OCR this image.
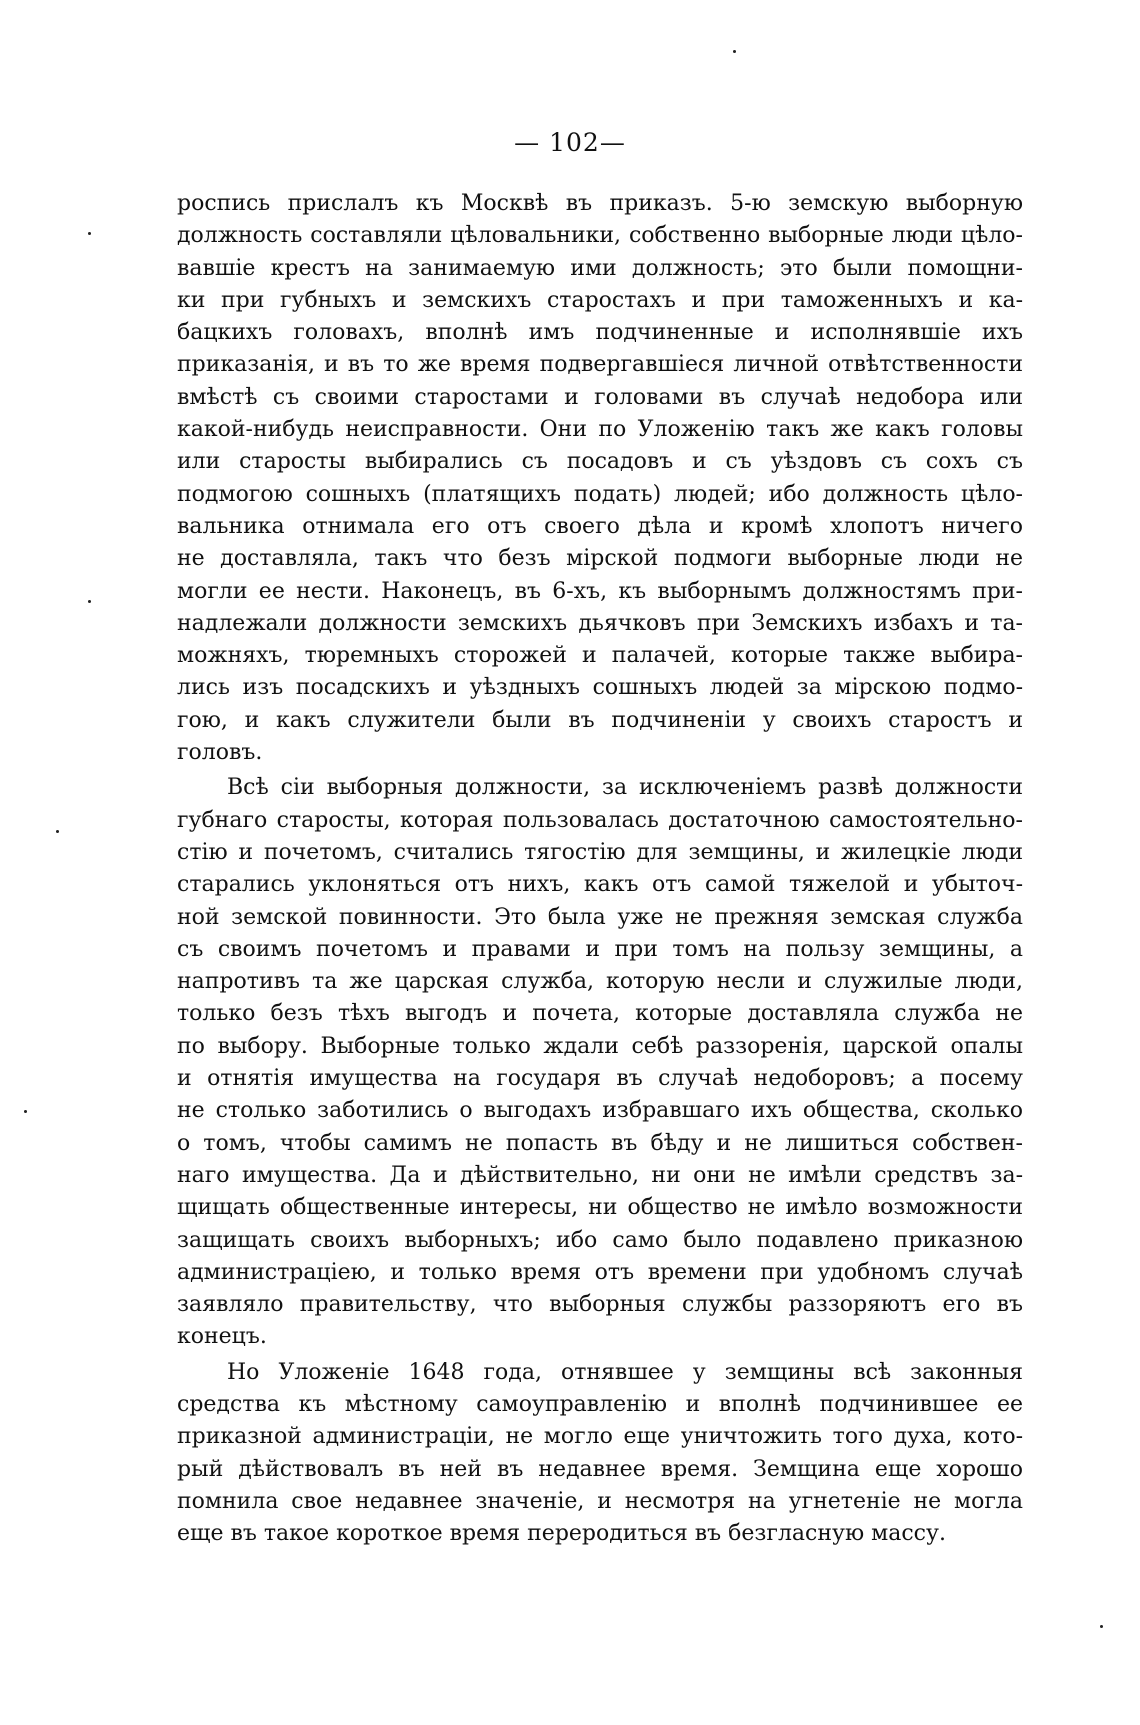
— 102—
роспись прислалъ къ Москвѣ въ приказъ. 5-ю земскую выборную
должность составляли цѣловальники, собственно выборные люди цѣло-
вавшіе крестъ на занимаемую ими должность; это были помощни-
ки при губныхъ и земскихъ старостахъ и при таможенныхъ и ка-
бацкихъ головахъ, вполнѣ имъ подчиненные и исполнявшіе ихъ
приказанія, и въ то же время подвергавшіеся личной отвѣтственности
вмѣстѣ съ своими старостами и головами въ случаѣ недобора или
какой-нибудь неисправности. Они по Уложенію такъ же какъ головы
или старосты выбирались съ посадовъ и съ уѣздовъ съ сохъ съ
подмогою сошныхъ (платящихъ подать) людей; ибо должность цѣло-
вальника отнимала его отъ своего дѣла и кромѣ хлопотъ ничего
не доставляла, такъ что безъ мірской подмоги выборные люди не
могли ее нести. Наконецъ, въ 6-хъ, къ выборнымъ должностямъ при-
надлежали должности земскихъ дьячковъ при Земскихъ избахъ и та-
можняхъ, тюремныхъ сторожей и палачей, которые также выбира-
лись изъ посадскихъ и уѣздныхъ сошныхъ людей за мірскою подмо-
гою, и какъ служители были въ подчиненіи у своихъ старостъ и
головъ.
Всѣ сіи выборныя должности, за исключеніемъ развѣ должности
губнаго старосты, которая пользовалась достаточною самостоятельно-
стію и почетомъ, считались тягостію для земщины, и жилецкіе люди
старались уклоняться отъ нихъ, какъ отъ самой тяжелой и убыточ-
ной земской повинности. Это была уже не прежняя земская служба
съ своимъ почетомъ и правами и при томъ на пользу земщины, а
напротивъ та же царская служба, которую несли и служилые люди,
только безъ тѣхъ выгодъ и почета, которые доставляла служба не
по выбору. Выборные только ждали себѣ раззоренія, царской опалы
и отнятія имущества на государя въ случаѣ недоборовъ; а посему
не столько заботились о выгодахъ избравшаго ихъ общества, сколько
о томъ, чтобы самимъ не попасть въ бѣду и не лишиться собствен-
наго имущества. Да и дѣйствительно, ни они не имѣли средствъ за-
щищать общественные интересы, ни общество не имѣло возможности
защищать своихъ выборныхъ; ибо само было подавлено приказною
администраціею, и только время отъ времени при удобномъ случаѣ
заявляло правительству, что выборныя службы раззоряютъ его въ
конецъ.
Но Уложеніе 1648 года, отнявшее у земщины всѣ законныя
средства къ мѣстному самоуправленію и вполнѣ подчинившее ее
приказной администраціи, не могло еще уничтожить того духа, кото-
рый дѣйствовалъ въ ней въ недавнее время. Земщина еще хорошо
помнила свое недавнее значеніе, и несмотря на угнетеніе не могла
еще въ такое короткое время переродиться въ безгласную массу.
